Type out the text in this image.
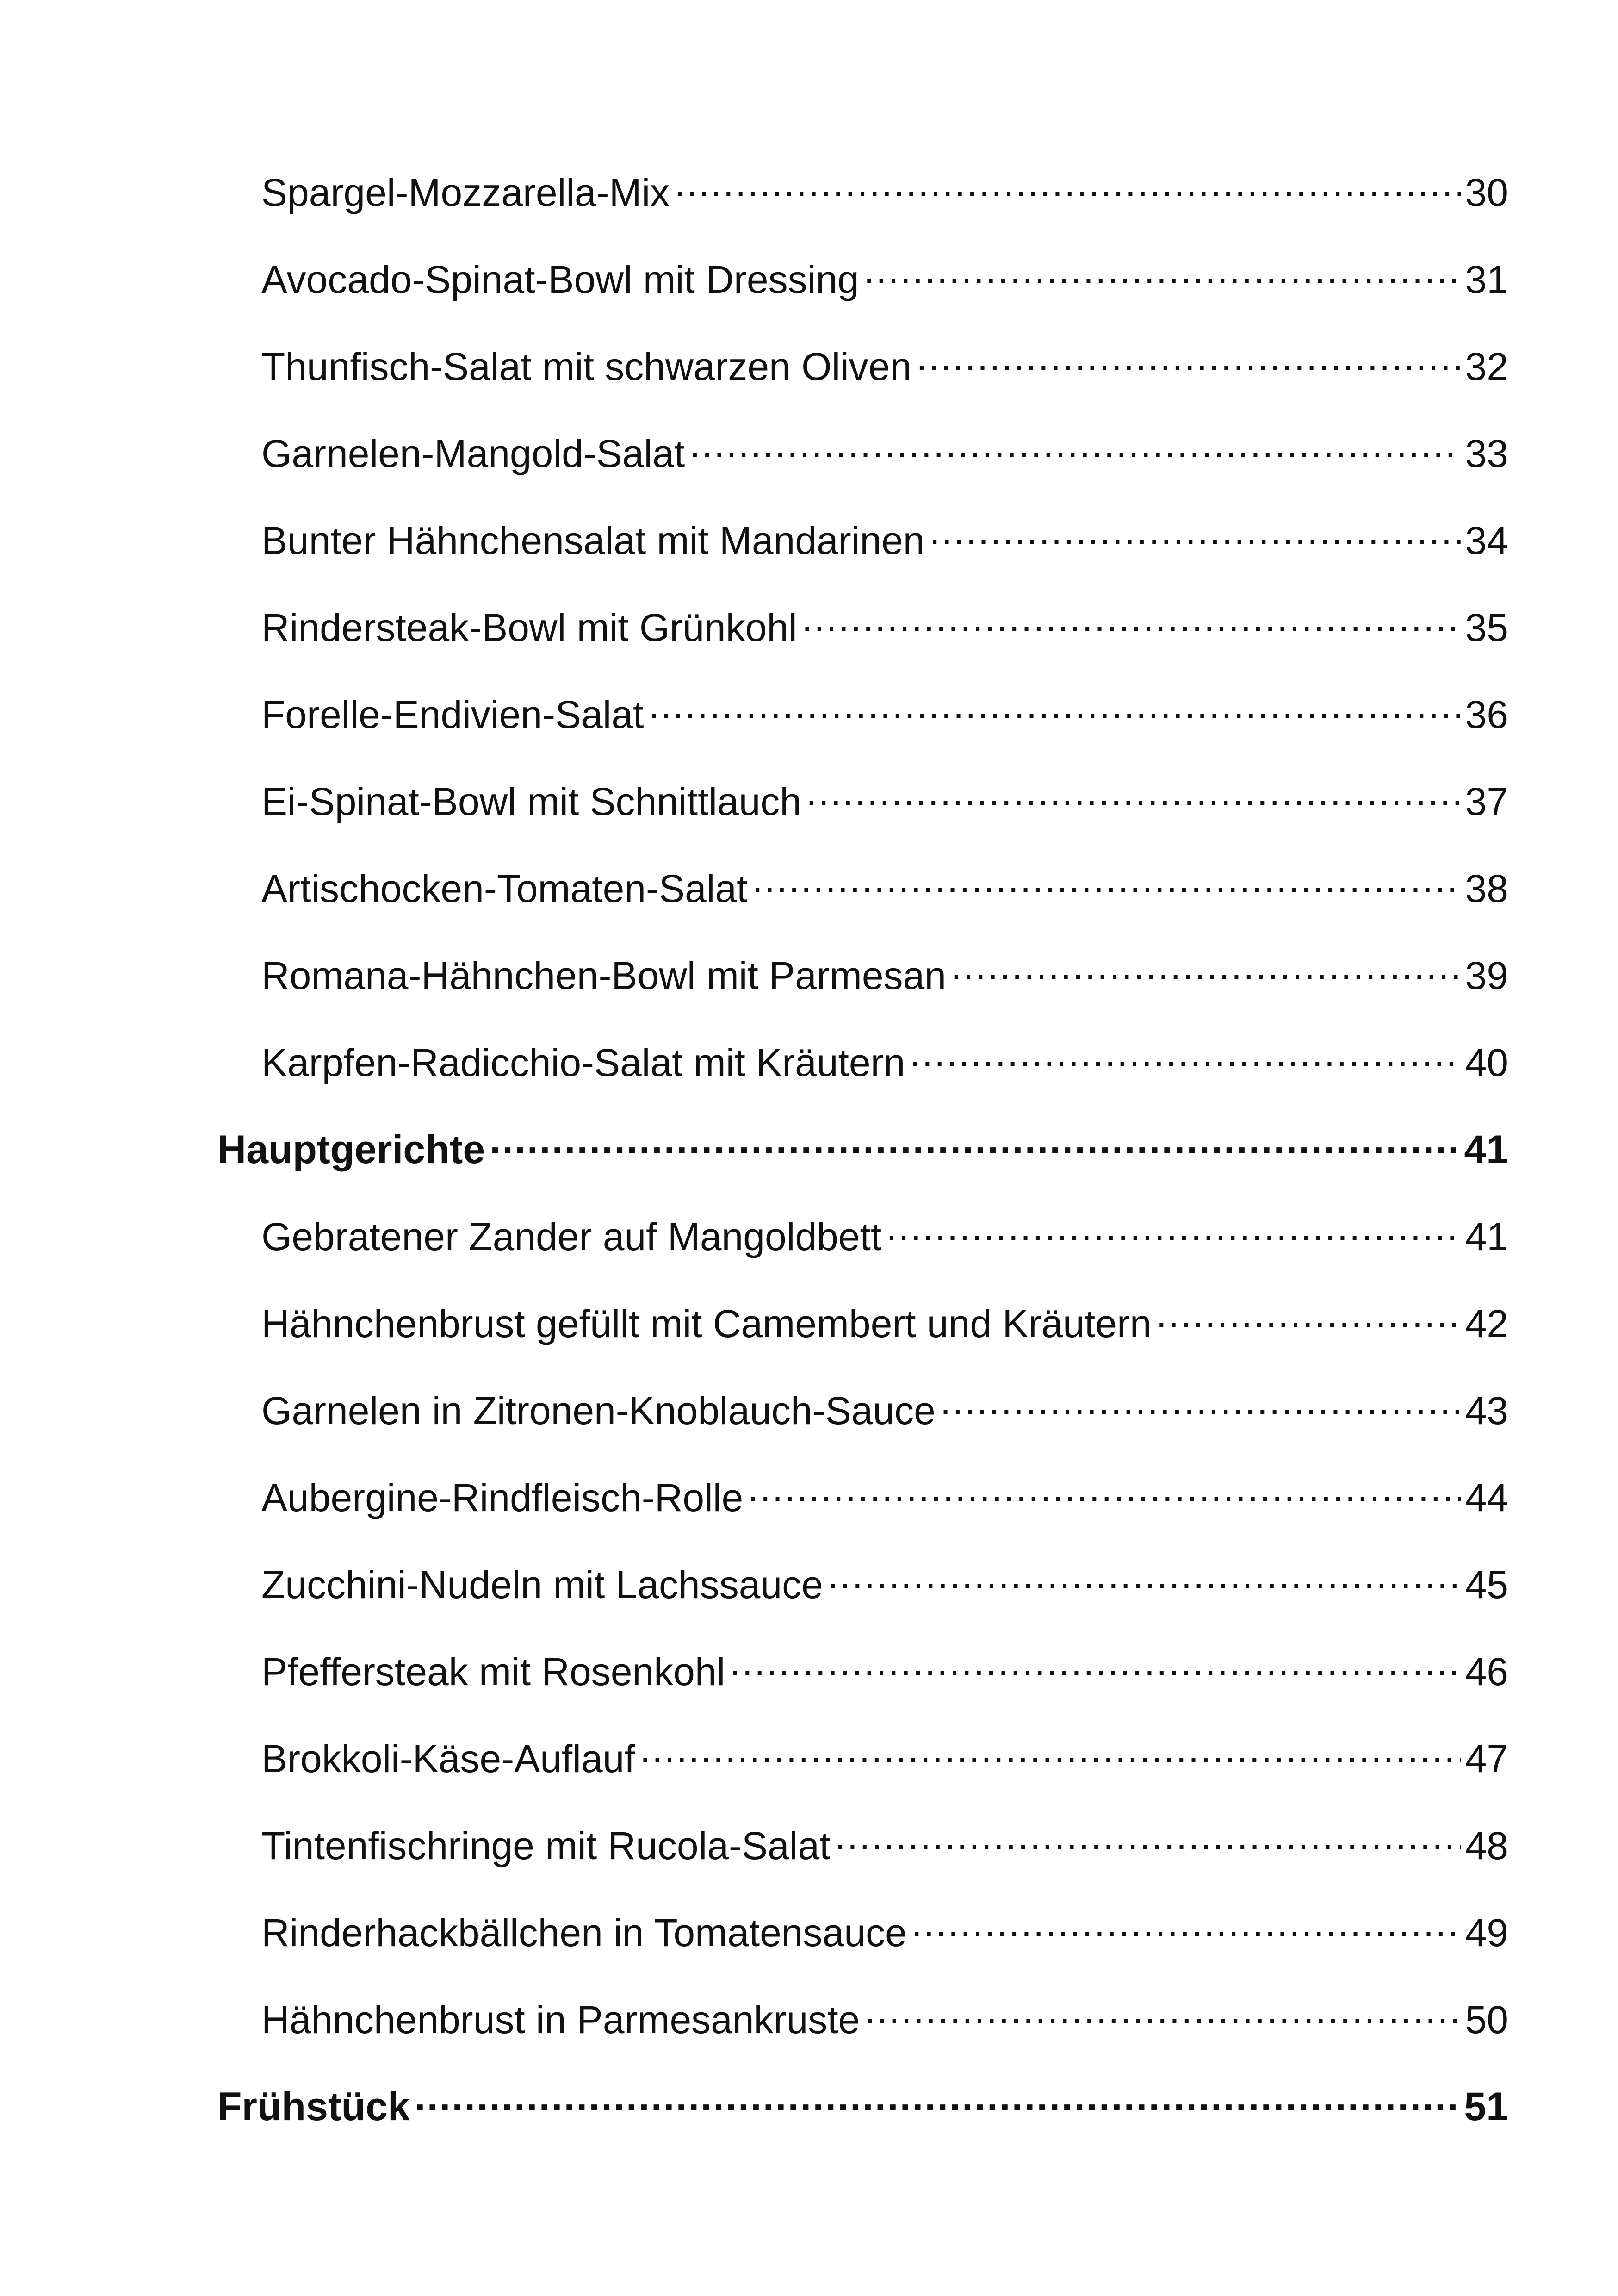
Spargel-Mozzarella-Mix .....	30
Avocado-Spinat-Bowl mit Dressing .....	31
Thunfisch-Salat mit schwarzen Oliven .....	32
Garnelen-Mangold-Salat .....	33
Bunter Hähnchensalat mit Mandarinen .....	34
Rindersteak-Bowl mit Grünkohl .....	35
Forelle-Endivien-Salat .....	36
Ei-Spinat-Bowl mit Schnittlauch .....	37
Artischocken-Tomaten-Salat .....	38
Romana-Hähnchen-Bowl mit Parmesan .....	39
Karpfen-Radicchio-Salat mit Kräutern .....	40
Hauptgerichte .....	41
Gebratener Zander auf Mangoldbett .....	41
Hähnchenbrust gefüllt mit Camembert und Kräutern .....	42
Garnelen in Zitronen-Knoblauch-Sauce .....	43
Aubergine-Rindfleisch-Rolle .....	44
Zucchini-Nudeln mit Lachssauce .....	45
Pfeffersteak mit Rosenkohl .....	46
Brokkoli-Käse-Auflauf .....	47
Tintenfischringe mit Rucola-Salat .....	48
Rinderhackbällchen in Tomatensauce .....	49
Hähnchenbrust in Parmesankruste .....	50
Frühstück .....	51
